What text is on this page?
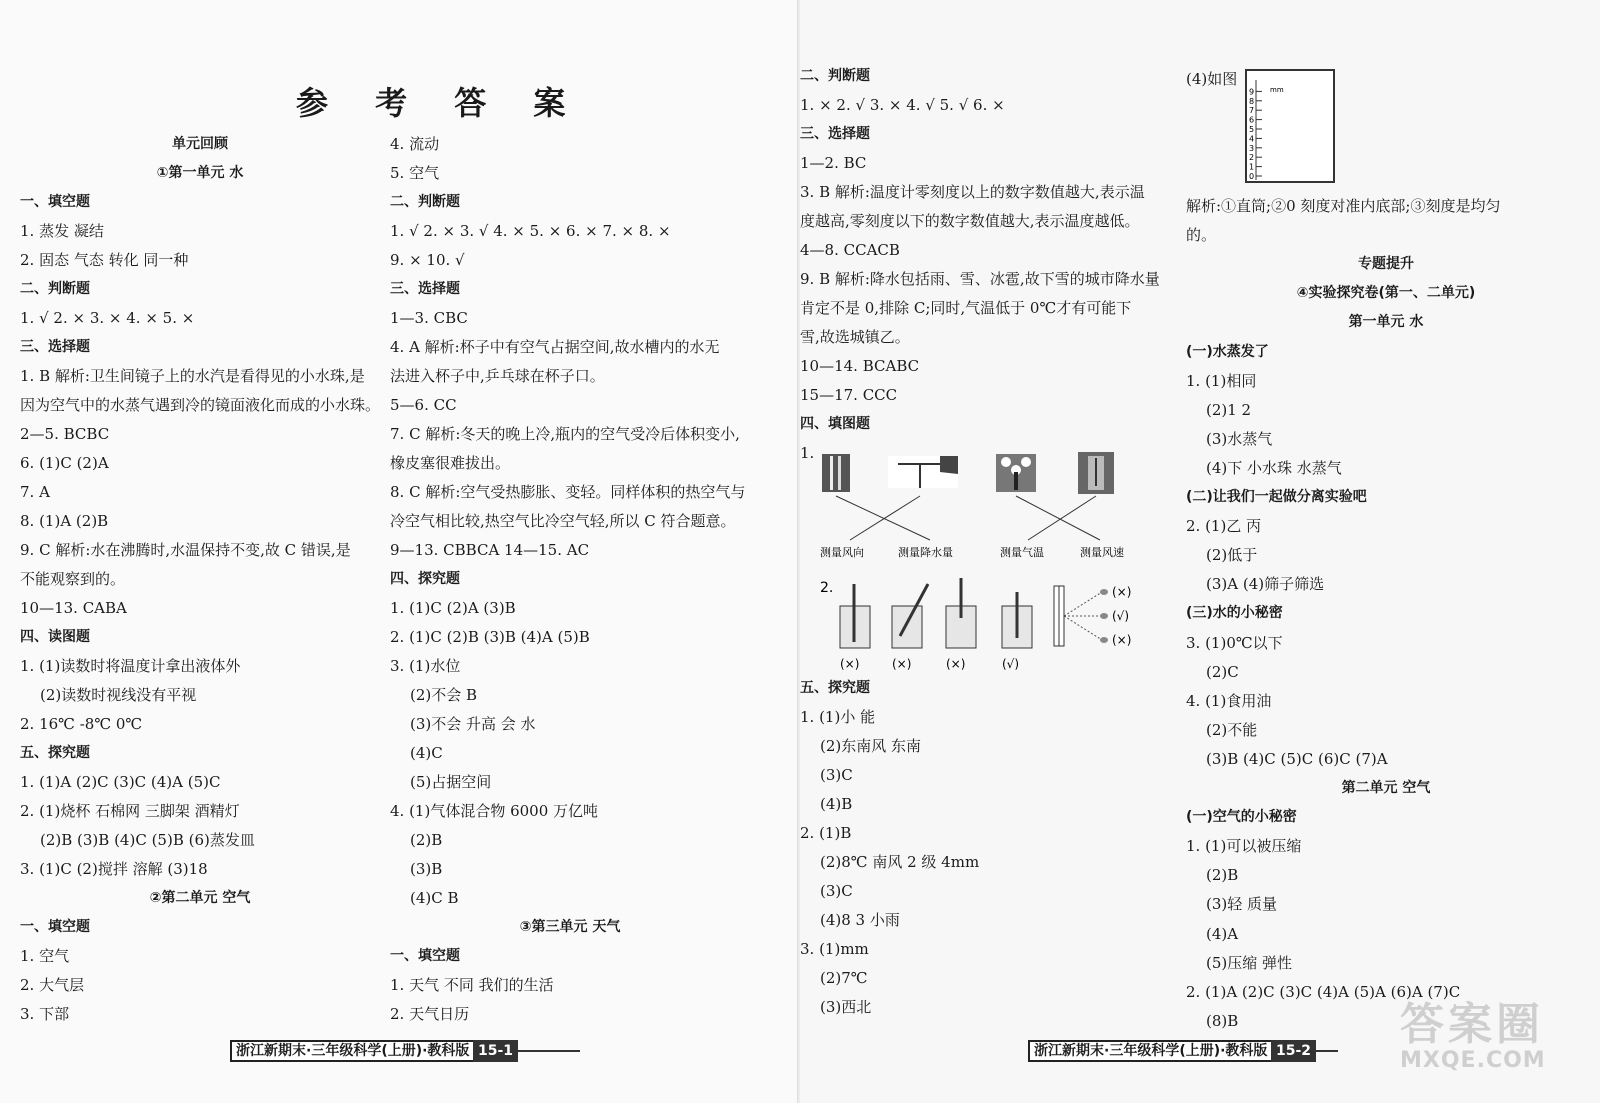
参 考 答 案
单元回顾
①第一单元 水
一、填空题
1. 蒸发 凝结
2. 固态 气态 转化 同一种
二、判断题
1. √ 2. × 3. × 4. × 5. ×
三、选择题
1. B 解析:卫生间镜子上的水汽是看得见的小水珠,是
因为空气中的水蒸气遇到冷的镜面液化而成的小水珠。
2—5. BCBC
6. (1)C (2)A
7. A
8. (1)A (2)B
9. C 解析:水在沸腾时,水温保持不变,故 C 错误,是
不能观察到的。
10—13. CABA
四、读图题
1. (1)读数时将温度计拿出液体外
(2)读数时视线没有平视
2. 16℃ -8℃ 0℃
五、探究题
1. (1)A (2)C (3)C (4)A (5)C
2. (1)烧杯 石棉网 三脚架 酒精灯
(2)B (3)B (4)C (5)B (6)蒸发皿
3. (1)C (2)搅拌 溶解 (3)18
②第二单元 空气
一、填空题
1. 空气
2. 大气层
3. 下部
4. 流动
5. 空气
二、判断题
1. √ 2. × 3. √ 4. × 5. × 6. × 7. × 8. ×
9. × 10. √
三、选择题
1—3. CBC
4. A 解析:杯子中有空气占据空间,故水槽内的水无
法进入杯子中,乒乓球在杯子口。
5—6. CC
7. C 解析:冬天的晚上冷,瓶内的空气受冷后体积变小,
橡皮塞很难拔出。
8. C 解析:空气受热膨胀、变轻。同样体积的热空气与
冷空气相比较,热空气比冷空气轻,所以 C 符合题意。
9—13. CBBCA 14—15. AC
四、探究题
1. (1)C (2)A (3)B
2. (1)C (2)B (3)B (4)A (5)B
3. (1)水位
(2)不会 B
(3)不会 升高 会 水
(4)C
(5)占据空间
4. (1)气体混合物 6000 万亿吨
(2)B
(3)B
(4)C B
③第三单元 天气
一、填空题
1. 天气 不同 我们的生活
2. 天气日历
浙江新期末·三年级科学(上册)·教科版 15-1
二、判断题
1. × 2. √ 3. × 4. √ 5. √ 6. ×
三、选择题
1—2. BC
3. B 解析:温度计零刻度以上的数字数值越大,表示温
度越高,零刻度以下的数字数值越大,表示温度越低。
4—8. CCACB
9. B 解析:降水包括雨、雪、冰雹,故下雪的城市降水量
肯定不是 0,排除 C;同时,气温低于 0℃才有可能下
雪,故选城镇乙。
10—14. BCABC
15—17. CCC
四、填图题
1.
五、探究题
1. (1)小 能
(2)东南风 东南
(3)C
(4)B
2. (1)B
(2)8℃ 南风 2 级 4mm
(3)C
(4)8 3 小雨
3. (1)mm
(2)7℃
(3)西北
测量风向	测量降水量	测量气温	测量风速
2.	(×)
(√)
(×)
(×)	(×)	(×)	(√)
(4)如图
mm
0
1
2
3
4
5
6
7
8
9
解析:①直筒;②0 刻度对准内底部;③刻度是均匀
的。
专题提升
④实验探究卷(第一、二单元)
第一单元 水
(一)水蒸发了
1. (1)相同
(2)1 2
(3)水蒸气
(4)下 小水珠 水蒸气
(二)让我们一起做分离实验吧
2. (1)乙 丙
(2)低于
(3)A (4)筛子筛选
(三)水的小秘密
3. (1)0℃以下
(2)C
4. (1)食用油
(2)不能
(3)B (4)C (5)C (6)C (7)A
第二单元 空气
(一)空气的小秘密
1. (1)可以被压缩
(2)B
(3)轻 质量
(4)A
(5)压缩 弹性
2. (1)A (2)C (3)C (4)A (5)A (6)A (7)C
(8)B
浙江新期末·三年级科学(上册)·教科版 15-2
答案圈
MXQE.COM
